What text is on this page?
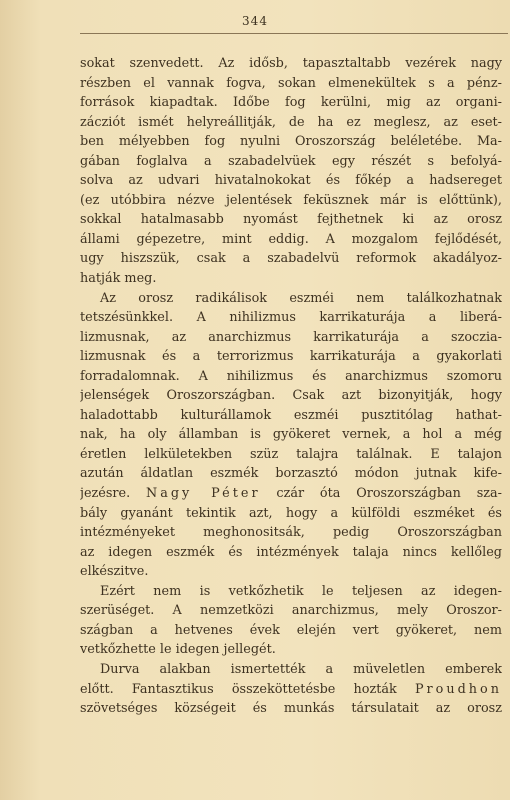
344
sokat szenvedett. Az idősb, tapasztaltabb vezérek nagy
részben el vannak fogva, sokan elmenekültek s a pénz-
források kiapadtak. Időbe fog kerülni, mig az organi-
zácziót ismét helyreállitják, de ha ez meglesz, az eset-
ben mélyebben fog nyulni Oroszország beléletébe. Ma-
gában foglalva a szabadelvüek egy részét s befolyá-
solva az udvari hivatalnokokat és főkép a hadsereget
(ez utóbbira nézve jelentések feküsznek már is előttünk),
sokkal hatalmasabb nyomást fejthetnek ki az orosz
állami gépezetre, mint eddig. A mozgalom fejlődését,
ugy hiszszük, csak a szabadelvü reformok akadályoz-
hatják meg.
Az orosz radikálisok eszméi nem találkozhatnak
tetszésünkkel. A nihilizmus karrikaturája a liberá-
lizmusnak, az anarchizmus karrikaturája a szoczia-
lizmusnak és a terrorizmus karrikaturája a gyakorlati
forradalomnak. A nihilizmus és anarchizmus szomoru
jelenségek Oroszországban. Csak azt bizonyitják, hogy
haladottabb kulturállamok eszméi pusztitólag hathat-
nak, ha oly államban is gyökeret vernek, a hol a még
éretlen lelkületekben szüz talajra találnak. E talajon
azután áldatlan eszmék borzasztó módon jutnak kife-
jezésre. Nagy Péter czár óta Oroszországban sza-
bály gyanánt tekintik azt, hogy a külföldi eszméket és
intézményeket meghonositsák, pedig Oroszországban
az idegen eszmék és intézmények talaja nincs kellőleg
elkészitve.
Ezért nem is vetkőzhetik le teljesen az idegen-
szerüséget. A nemzetközi anarchizmus, mely Oroszor-
szágban a hetvenes évek elején vert gyökeret, nem
vetkőzhette le idegen jellegét.
Durva alakban ismertették a müveletlen emberek
előtt. Fantasztikus összeköttetésbe hozták Proudhon
szövetséges községeit és munkás társulatait az orosz
